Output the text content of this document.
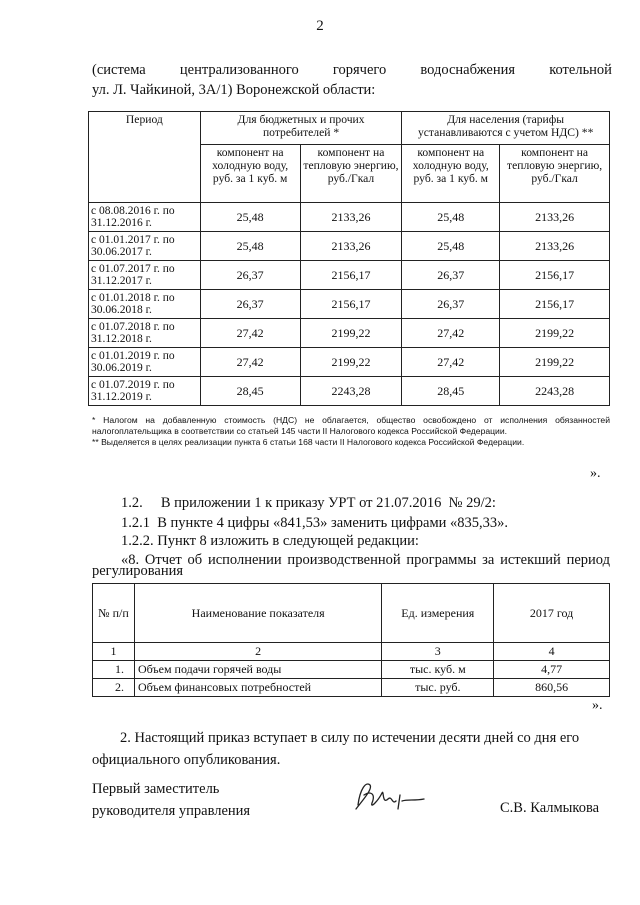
2
(система централизованного горячего водоснабжения котельной
ул. Л. Чайкиной, 3А/1) Воронежской области:
Период	Для бюджетных и прочих потребителей *		Для населения (тарифы устанавливаются с учетом НДС) **	
	компонент на холодную воду, руб. за 1 куб. м	компонент на тепловую энергию, руб./Гкал	компонент на холодную воду, руб. за 1 куб. м	компонент на тепловую энергию, руб./Гкал
с 08.08.2016 г. по 31.12.2016 г.	25,48	2133,26	25,48	2133,26
с 01.01.2017 г. по 30.06.2017 г.	25,48	2133,26	25,48	2133,26
с 01.07.2017 г. по 31.12.2017 г.	26,37	2156,17	26,37	2156,17
с 01.01.2018 г. по 30.06.2018 г.	26,37	2156,17	26,37	2156,17
с 01.07.2018 г. по 31.12.2018 г.	27,42	2199,22	27,42	2199,22
с 01.01.2019 г. по 30.06.2019 г.	27,42	2199,22	27,42	2199,22
с 01.07.2019 г. по 31.12.2019 г.	28,45	2243,28	28,45	2243,28
* Налогом на добавленную стоимость (НДС) не облагается, общество освобождено от исполнения обязанностей налогоплательщика в соответствии со статьей 145 части II Налогового кодекса Российской Федерации.
** Выделяется в целях реализации пункта 6 статьи 168 части II Налогового кодекса Российской Федерации.
».
1.2.     В приложении 1 к приказу УРТ от 21.07.2016  № 29/2:
1.2.1  В пункте 4 цифры «841,53» заменить цифрами «835,33».
1.2.2. Пункт 8 изложить в следующей редакции:
«8. Отчет об исполнении производственной программы за истекший период
регулирования
№ п/п	Наименование показателя	Ед. измерения	2017 год
1	2	3	4
1.	Объем подачи горячей воды	тыс. куб. м	4,77
2.	Объем финансовых потребностей	тыс. руб.	860,56
».
2. Настоящий приказ вступает в силу по истечении десяти дней со дня его официального опубликования.
Первый заместитель
руководителя управления	С.В. Калмыкова
